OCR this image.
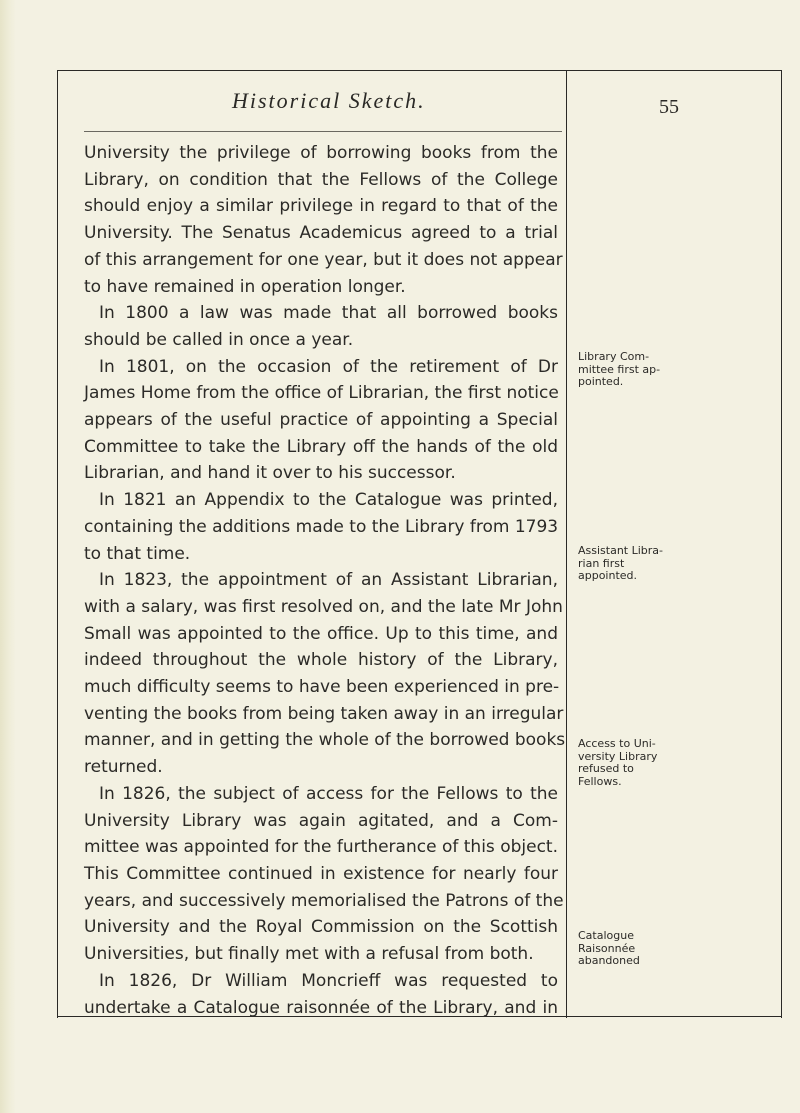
Historical Sketch.	55
University the privilege of borrowing books from the
Library, on condition that the Fellows of the College
should enjoy a similar privilege in regard to that of the
University. The Senatus Academicus agreed to a trial
of this arrangement for one year, but it does not appear
to have remained in operation longer.
In 1800 a law was made that all borrowed books
should be called in once a year.
In 1801, on the occasion of the retirement of Dr
James Home from the office of Librarian, the first notice
appears of the useful practice of appointing a Special
Committee to take the Library off the hands of the old
Librarian, and hand it over to his successor.
In 1821 an Appendix to the Catalogue was printed,
containing the additions made to the Library from 1793
to that time.
In 1823, the appointment of an Assistant Librarian,
with a salary, was first resolved on, and the late Mr John
Small was appointed to the office. Up to this time, and
indeed throughout the whole history of the Library,
much difficulty seems to have been experienced in pre-
venting the books from being taken away in an irregular
manner, and in getting the whole of the borrowed books
returned.
In 1826, the subject of access for the Fellows to the
University Library was again agitated, and a Com-
mittee was appointed for the furtherance of this object.
This Committee continued in existence for nearly four
years, and successively memorialised the Patrons of the
University and the Royal Commission on the Scottish
Universities, but finally met with a refusal from both.
In 1826, Dr William Moncrieff was requested to
undertake a Catalogue raisonnée of the Library, and in
Library Com-
mittee first ap-
pointed.
Assistant Libra-
rian first
appointed.
Access to Uni-
versity Library
refused to
Fellows.
Catalogue
Raisonnée
abandoned
